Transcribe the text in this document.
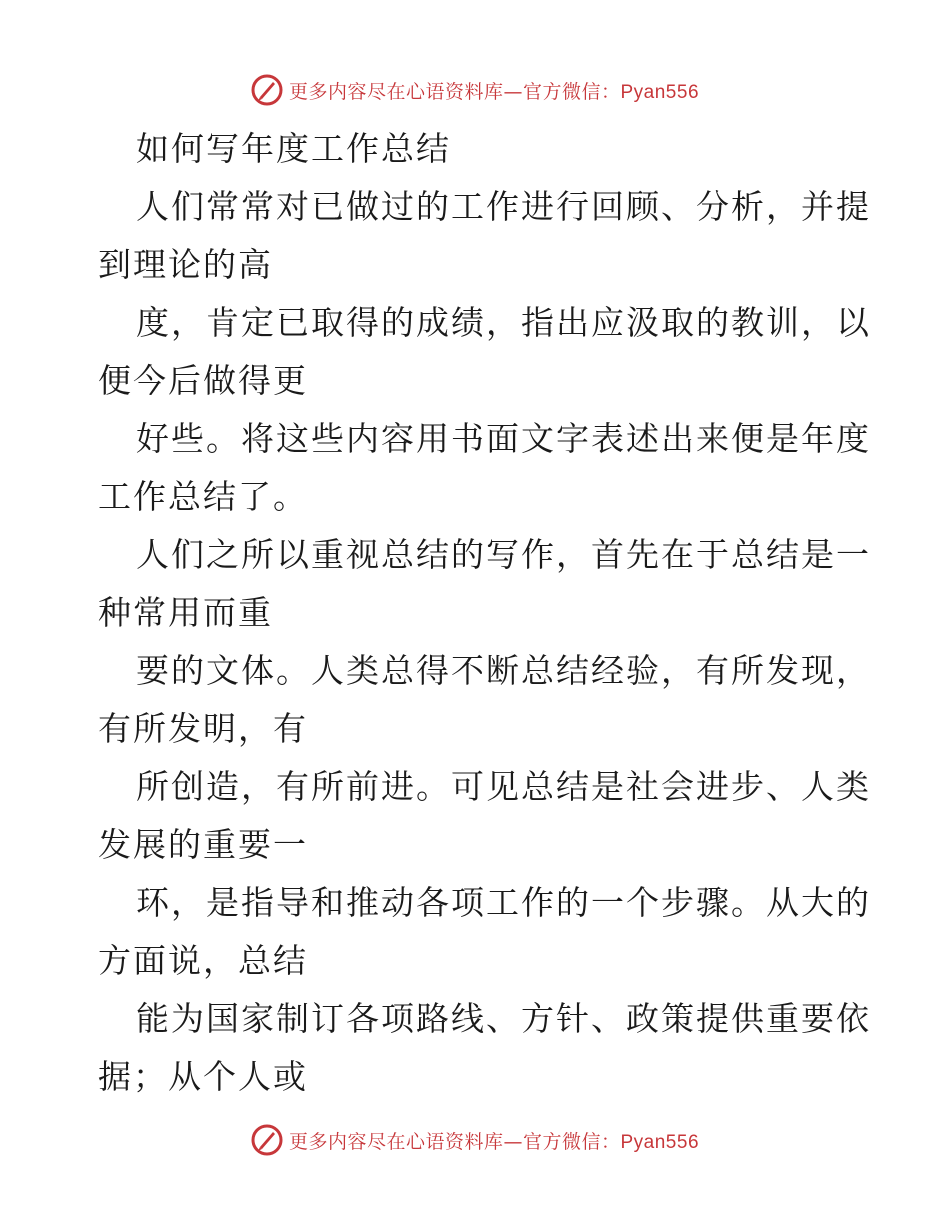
更多内容尽在心语资料库—官方微信：Pyan556
如何写年度工作总结
人们常常对已做过的工作进行回顾、分析，并提
到理论的高
度，肯定已取得的成绩，指出应汲取的教训，以
便今后做得更
好些。将这些内容用书面文字表述出来便是年度
工作总结了。
人们之所以重视总结的写作，首先在于总结是一
种常用而重
要的文体。人类总得不断总结经验，有所发现，
有所发明，有
所创造，有所前进。可见总结是社会进步、人类
发展的重要一
环，是指导和推动各项工作的一个步骤。从大的
方面说，总结
能为国家制订各项路线、方针、政策提供重要依
据；从个人或
更多内容尽在心语资料库—官方微信：Pyan556
